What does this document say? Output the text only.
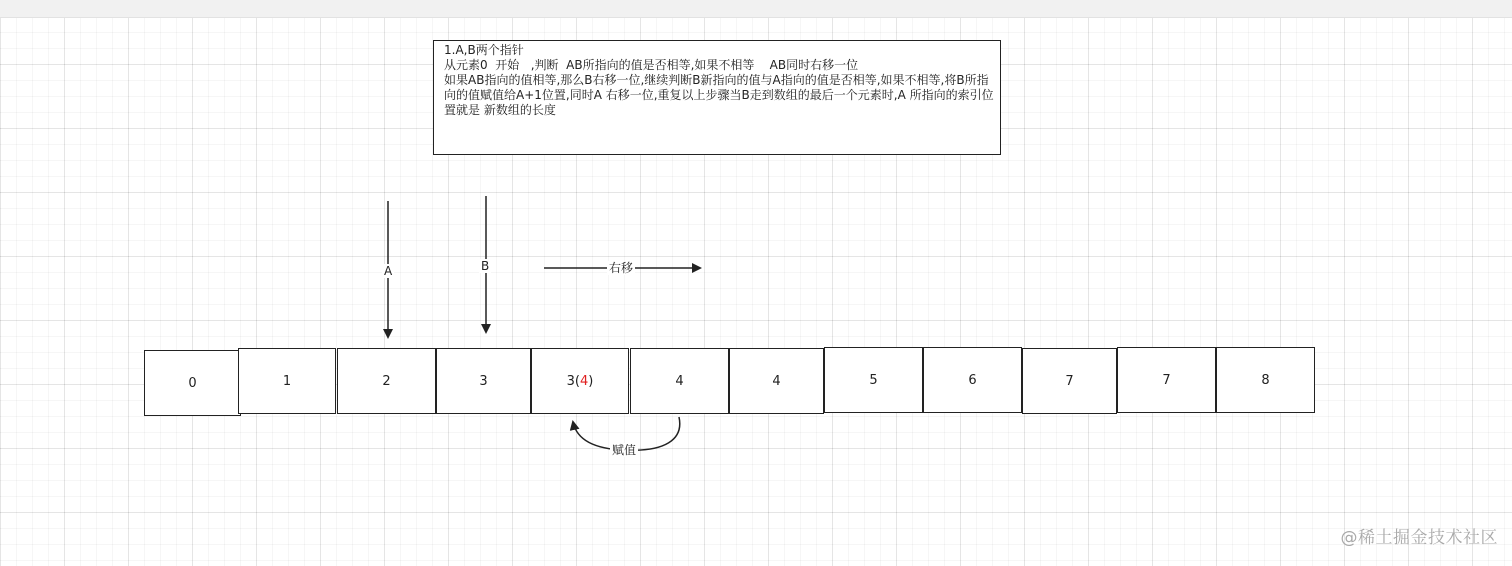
1.A,B两个指针
从元素0  开始   ,判断  AB所指向的值是否相等,如果不相等    AB同时右移一位
如果AB指向的值相等,那么B右移一位,继续判断B新指向的值与A指向的值是否相等,如果不相等,将B所指向的值赋值给A+1位置,同时A 右移一位,重复以上步骤当B走到数组的最后一个元素时,A 所指向的索引位置就是 新数组的长度
A	B	右移
赋值
0	1	2	3	3( 4 )	4	4	5	6	7	7	8
@稀土掘金技术社区
